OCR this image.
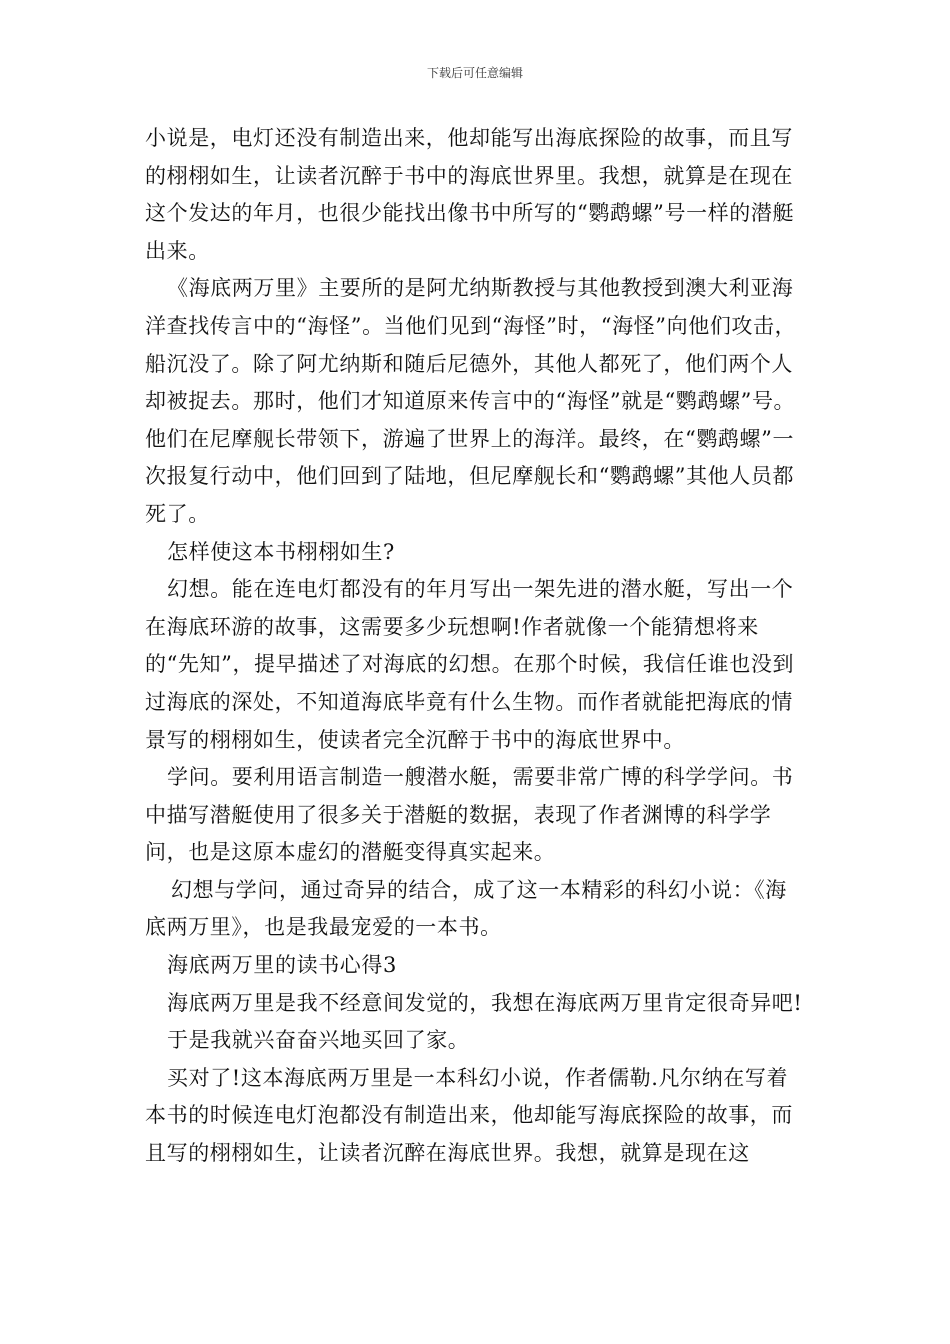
下载后可任意编辑

小说是，电灯还没有制造出来，他却能写出海底探险的故事，而且写的栩栩如生，让读者沉醉于书中的海底世界里。我想，就算是在现在这个发达的年月，也很少能找出像书中所写的“鹦鹉螺”号一样的潜艇出来。

《海底两万里》主要所的是阿尤纳斯教授与其他教授到澳大利亚海洋查找传言中的“海怪”。当他们见到“海怪”时，“海怪”向他们攻击，船沉没了。除了阿尤纳斯和随后尼德外，其他人都死了，他们两个人却被捉去。那时，他们才知道原来传言中的“海怪”就是“鹦鹉螺”号。他们在尼摩舰长带领下，游遍了世界上的海洋。最终，在“鹦鹉螺”一次报复行动中，他们回到了陆地，但尼摩舰长和“鹦鹉螺”其他人员都死了。

怎样使这本书栩栩如生?

幻想。能在连电灯都没有的年月写出一架先进的潜水艇，写出一个在海底环游的故事，这需要多少玩想啊!作者就像一个能猜想将来的“先知”，提早描述了对海底的幻想。在那个时候，我信任谁也没到过海底的深处，不知道海底毕竟有什么生物。而作者就能把海底的情景写的栩栩如生，使读者完全沉醉于书中的海底世界中。

学问。要利用语言制造一艘潜水艇，需要非常广博的科学学问。书中描写潜艇使用了很多关于潜艇的数据，表现了作者渊博的科学学问，也是这原本虚幻的潜艇变得真实起来。

幻想与学问，通过奇异的结合，成了这一本精彩的科幻小说：《海底两万里》，也是我最宠爱的一本书。

海底两万里的读书心得3

海底两万里是我不经意间发觉的，我想在海底两万里肯定很奇异吧!

于是我就兴奋奋兴地买回了家。

买对了!这本海底两万里是一本科幻小说，作者儒勒.凡尔纳在写着本书的时候连电灯泡都没有制造出来，他却能写海底探险的故事，而且写的栩栩如生，让读者沉醉在海底世界。我想，就算是现在这
